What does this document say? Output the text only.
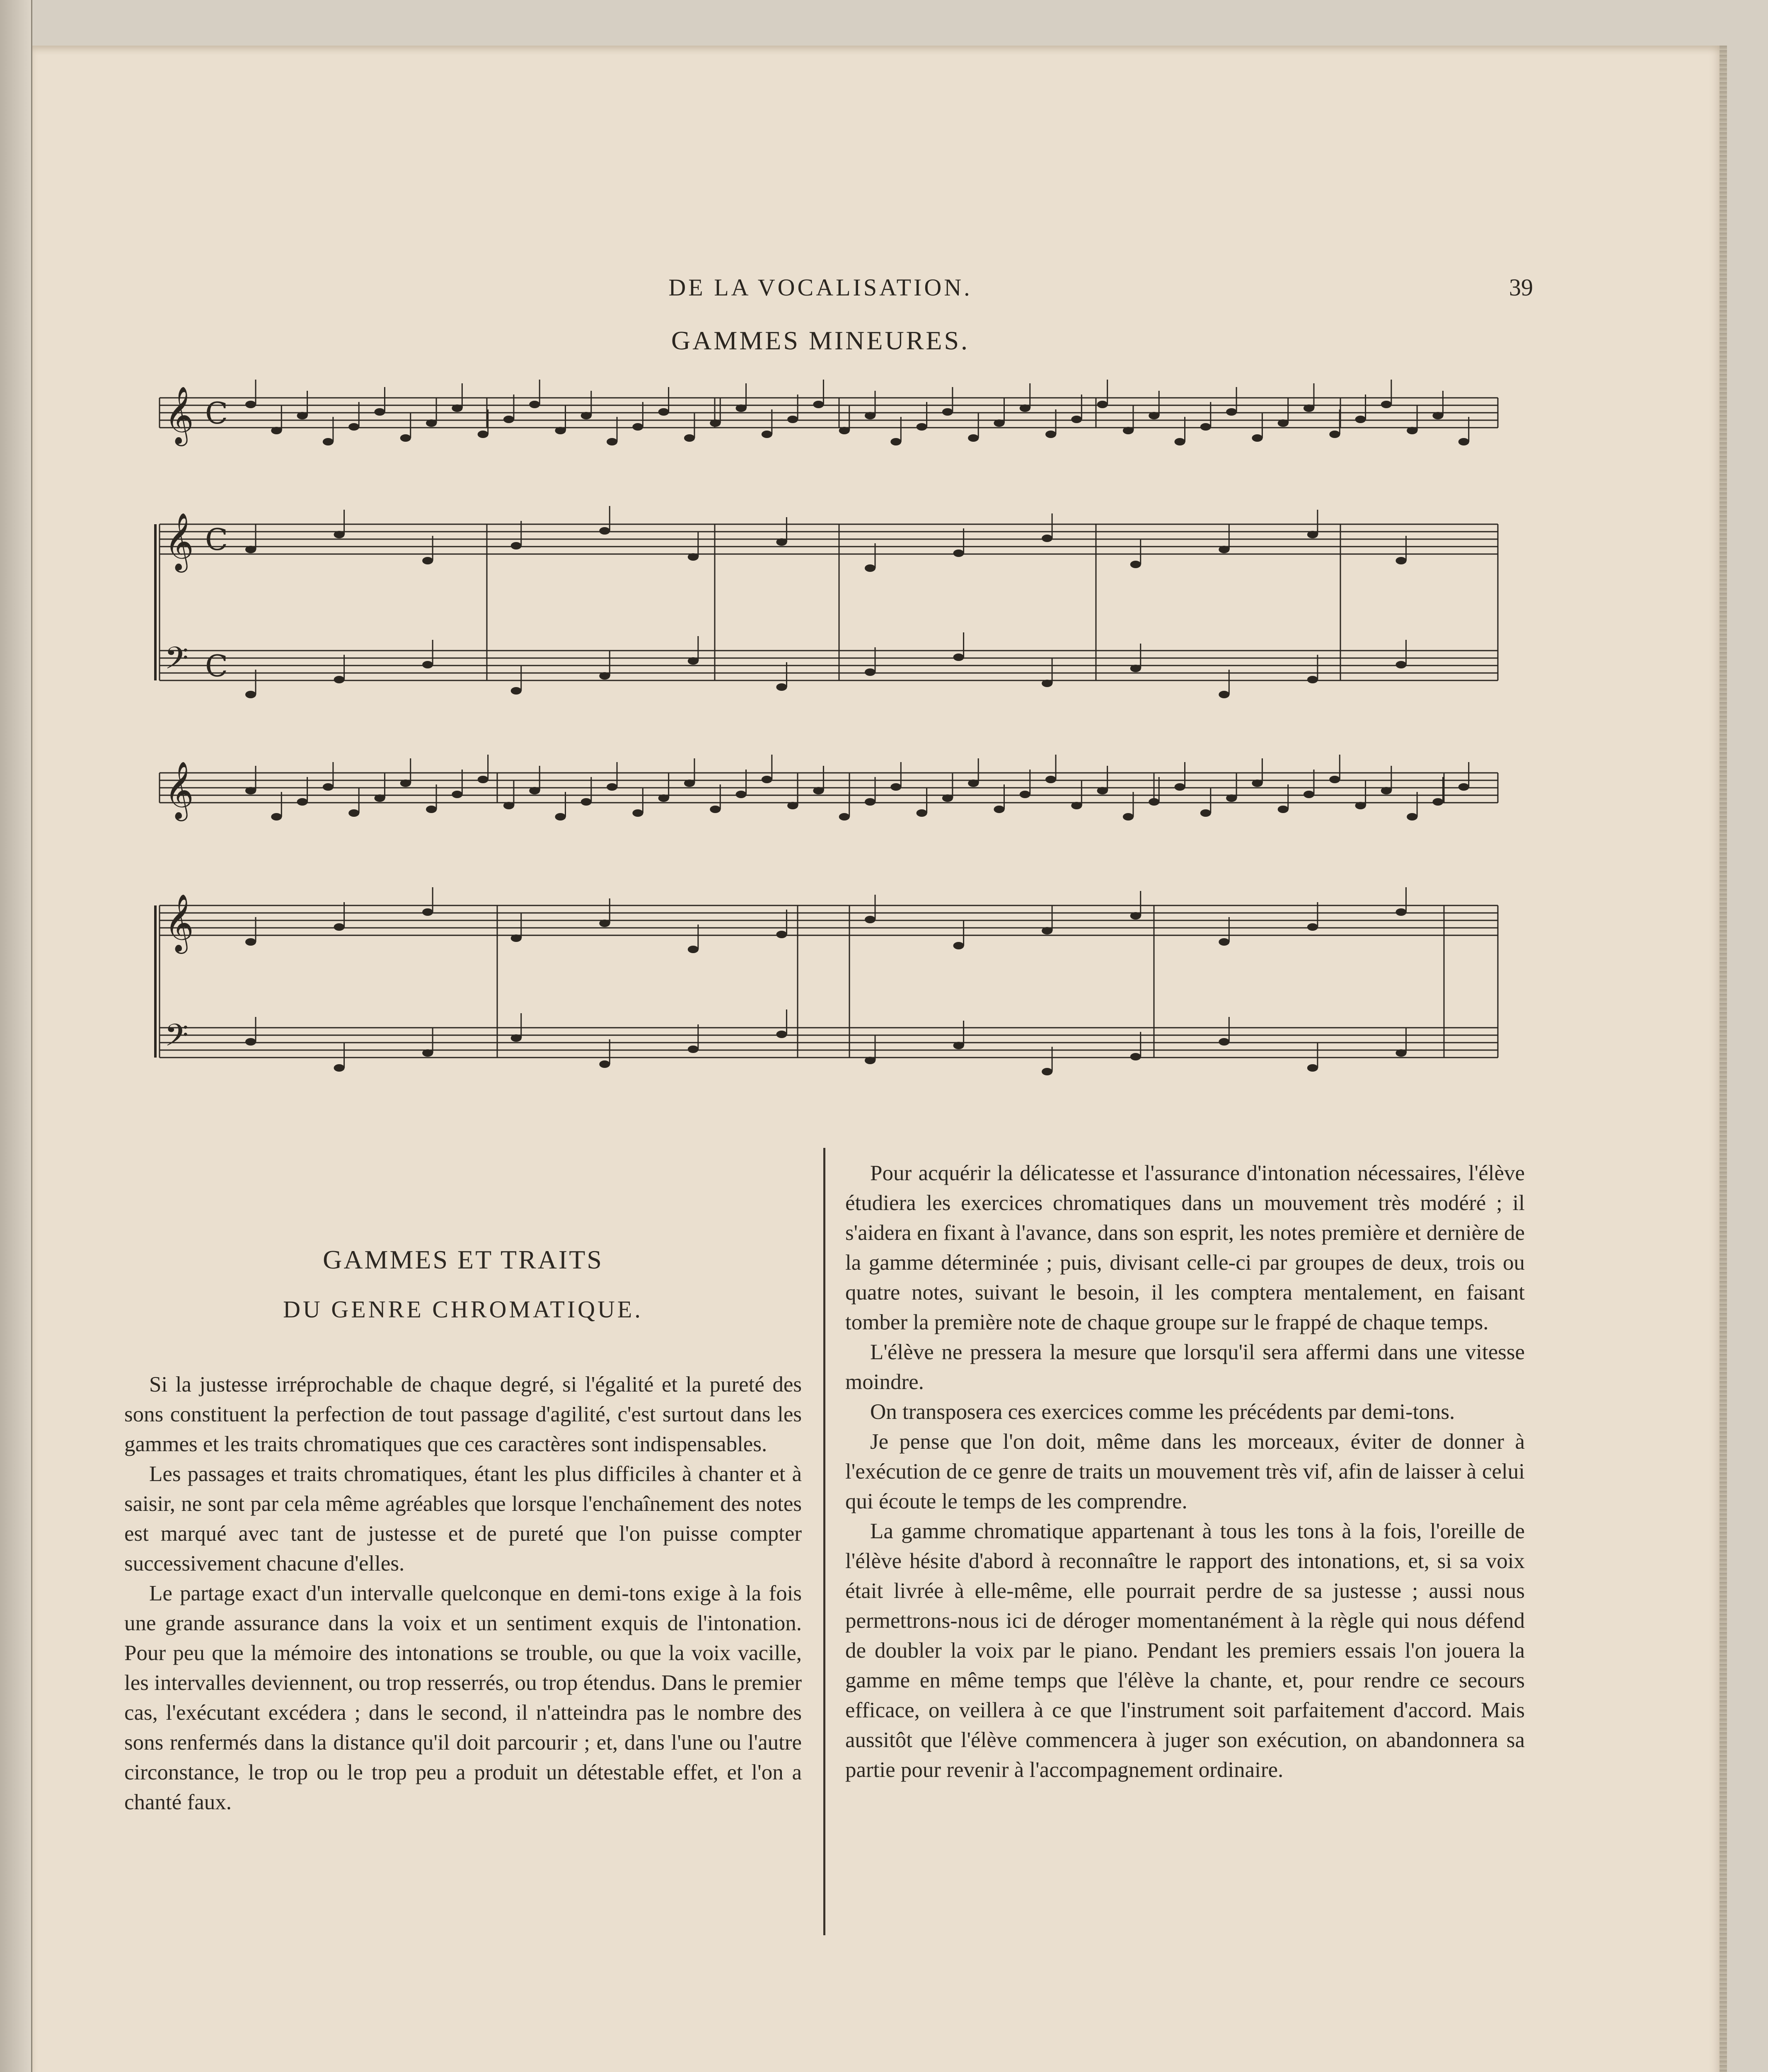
DE LA VOCALISATION.	39
GAMMES MINEURES.
𝄞 C
𝄞 C
𝄢 C
𝄞
𝄞
𝄢
GAMMES ET TRAITS
DU GENRE CHROMATIQUE.

Si la justesse irréprochable de chaque degré, si l'égalité et la pureté des sons constituent la perfection de tout passage d'agilité, c'est surtout dans les gammes et les traits chromatiques que ces caractères sont indispensables.

Les passages et traits chromatiques, étant les plus difficiles à chanter et à saisir, ne sont par cela même agréables que lorsque l'enchaînement des notes est marqué avec tant de justesse et de pureté que l'on puisse compter successivement chacune d'elles.

Le partage exact d'un intervalle quelconque en demi-tons exige à la fois une grande assurance dans la voix et un sentiment exquis de l'intonation. Pour peu que la mémoire des intonations se trouble, ou que la voix vacille, les intervalles deviennent, ou trop resserrés, ou trop étendus. Dans le premier cas, l'exécutant excédera ; dans le second, il n'atteindra pas le nombre des sons renfermés dans la distance qu'il doit parcourir ; et, dans l'une ou l'autre circonstance, le trop ou le trop peu a produit un détestable effet, et l'on a chanté faux.

Pour acquérir la délicatesse et l'assurance d'intonation nécessaires, l'élève étudiera les exercices chromatiques dans un mouvement très modéré ; il s'aidera en fixant à l'avance, dans son esprit, les notes première et dernière de la gamme déterminée ; puis, divisant celle-ci par groupes de deux, trois ou quatre notes, suivant le besoin, il les comptera mentalement, en faisant tomber la première note de chaque groupe sur le frappé de chaque temps.

L'élève ne pressera la mesure que lorsqu'il sera affermi dans une vitesse moindre.

On transposera ces exercices comme les précédents par demi-tons.

Je pense que l'on doit, même dans les morceaux, éviter de donner à l'exécution de ce genre de traits un mouvement très vif, afin de laisser à celui qui écoute le temps de les comprendre.

La gamme chromatique appartenant à tous les tons à la fois, l'oreille de l'élève hésite d'abord à reconnaître le rapport des intonations, et, si sa voix était livrée à elle-même, elle pourrait perdre de sa justesse ; aussi nous permettrons-nous ici de déroger momentanément à la règle qui nous défend de doubler la voix par le piano. Pendant les premiers essais l'on jouera la gamme en même temps que l'élève la chante, et, pour rendre ce secours efficace, on veillera à ce que l'instrument soit parfaitement d'accord. Mais aussitôt que l'élève commencera à juger son exécution, on abandonnera sa partie pour revenir à l'accompagnement ordinaire.
